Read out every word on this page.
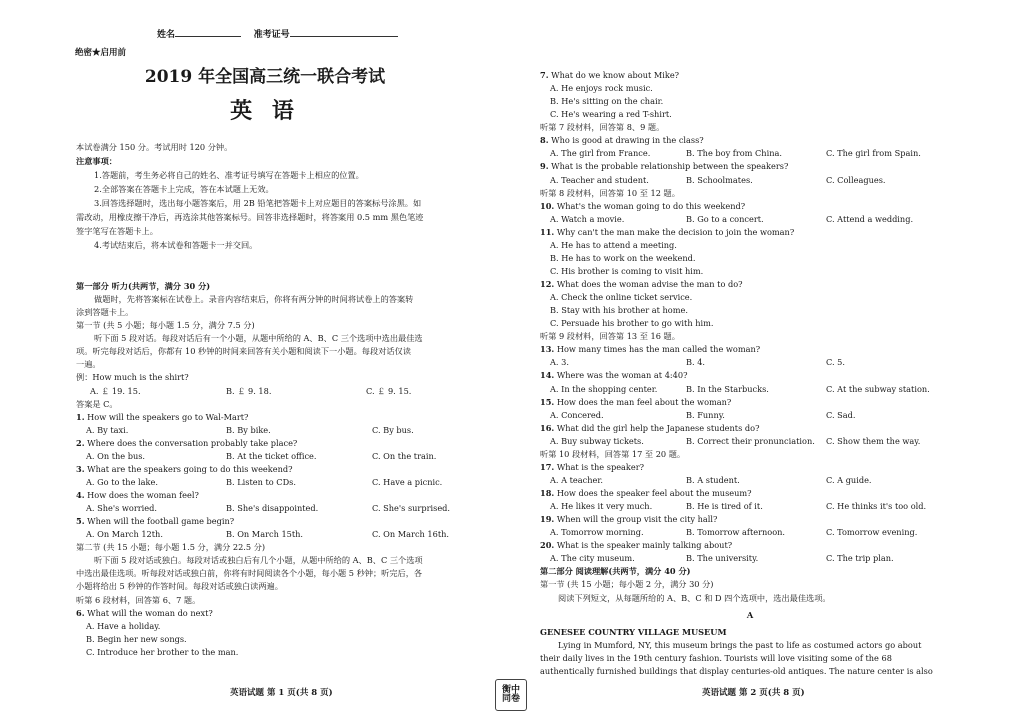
姓名	准考证号
绝密★启用前
2019 年全国高三统一联合考试
英 语

本试卷满分 150 分。考试用时 120 分钟。

注意事项：

1.答题前，考生务必将自己的姓名、准考证号填写在答题卡上相应的位置。

2.全部答案在答题卡上完成，答在本试题上无效。

3.回答选择题时，选出每小题答案后，用 2B 铅笔把答题卡上对应题目的答案标号涂黑。如

需改动，用橡皮擦干净后，再选涂其他答案标号。回答非选择题时，将答案用 0.5 mm 黑色笔迹

签字笔写在答题卡上。

4.考试结束后，将本试卷和答题卡一并交回。

第一部分 听力(共两节，满分 30 分)

做题时，先将答案标在试卷上。录音内容结束后，你将有两分钟的时间将试卷上的答案转

涂到答题卡上。

第一节 (共 5 小题；每小题 1.5 分，满分 7.5 分)

听下面 5 段对话。每段对话后有一个小题，从题中所给的 A、B、C 三个选项中选出最佳选

项。听完每段对话后，你都有 10 秒钟的时间来回答有关小题和阅读下一小题。每段对话仅读

一遍。

例：How much is the shirt?

A. ￡ 19. 15.	B. ￡ 9. 18.	C. ￡ 9. 15.

答案是 C。

1. How will the speakers go to Wal-Mart?
A. By taxi.	B. By bike.	C. By bus.
2. Where does the conversation probably take place?
A. On the bus.	B. At the ticket office.	C. On the train.
3. What are the speakers going to do this weekend?
A. Go to the lake.	B. Listen to CDs.	C. Have a picnic.
4. How does the woman feel?
A. She's worried.	B. She's disappointed.	C. She's surprised.
5. When will the football game begin?
A. On March 12th.	B. On March 15th.	C. On March 16th.

第二节 (共 15 小题；每小题 1.5 分，满分 22.5 分)

听下面 5 段对话或独白。每段对话或独白后有几个小题，从题中所给的 A、B、C 三个选项

中选出最佳选项。听每段对话或独白前，你将有时间阅读各个小题，每小题 5 秒钟；听完后，各

小题将给出 5 秒钟的作答时间。每段对话或独白读两遍。

听第 6 段材料，回答第 6、7 题。

6. What will the woman do next?

A. Have a holiday.

B. Begin her new songs.

C. Introduce her brother to the man.

7. What do we know about Mike?

A. He enjoys rock music.

B. He's sitting on the chair.

C. He's wearing a red T-shirt.

听第 7 段材料，回答第 8、9 题。

8. Who is good at drawing in the class?
A. The girl from France.	B. The boy from China.	C. The girl from Spain.
9. What is the probable relationship between the speakers?
A. Teacher and student.	B. Schoolmates.	C. Colleagues.

听第 8 段材料，回答第 10 至 12 题。

10. What's the woman going to do this weekend?
A. Watch a movie.	B. Go to a concert.	C. Attend a wedding.
11. Why can't the man make the decision to join the woman?

A. He has to attend a meeting.

B. He has to work on the weekend.

C. His brother is coming to visit him.

12. What does the woman advise the man to do?

A. Check the online ticket service.

B. Stay with his brother at home.

C. Persuade his brother to go with him.

听第 9 段材料，回答第 13 至 16 题。

13. How many times has the man called the woman?
A. 3.	B. 4.	C. 5.
14. Where was the woman at 4:40?
A. In the shopping center.	B. In the Starbucks.	C. At the subway station.
15. How does the man feel about the woman?
A. Concered.	B. Funny.	C. Sad.
16. What did the girl help the Japanese students do?
A. Buy subway tickets.	B. Correct their pronunciation.	C. Show them the way.

听第 10 段材料，回答第 17 至 20 题。

17. What is the speaker?
A. A teacher.	B. A student.	C. A guide.
18. How does the speaker feel about the museum?
A. He likes it very much.	B. He is tired of it.	C. He thinks it's too old.
19. When will the group visit the city hall?
A. Tomorrow morning.	B. Tomorrow afternoon.	C. Tomorrow evening.
20. What is the speaker mainly talking about?
A. The city museum.	B. The university.	C. The trip plan.

第二部分 阅读理解(共两节，满分 40 分)

第一节 (共 15 小题；每小题 2 分，满分 30 分)

阅读下列短文，从每题所给的 A、B、C 和 D 四个选项中，选出最佳选项。

A

GENESEE COUNTRY VILLAGE MUSEUM

Lying in Mumford, NY, this museum brings the past to life as costumed actors go about

their daily lives in the 19th century fashion. Tourists will love visiting some of the 68

authentically furnished buildings that display centuries-old antiques. The nature center is also

英语试题 第 1 页(共 8 页)	衡中
同卷
英语试题 第 2 页(共 8 页)
